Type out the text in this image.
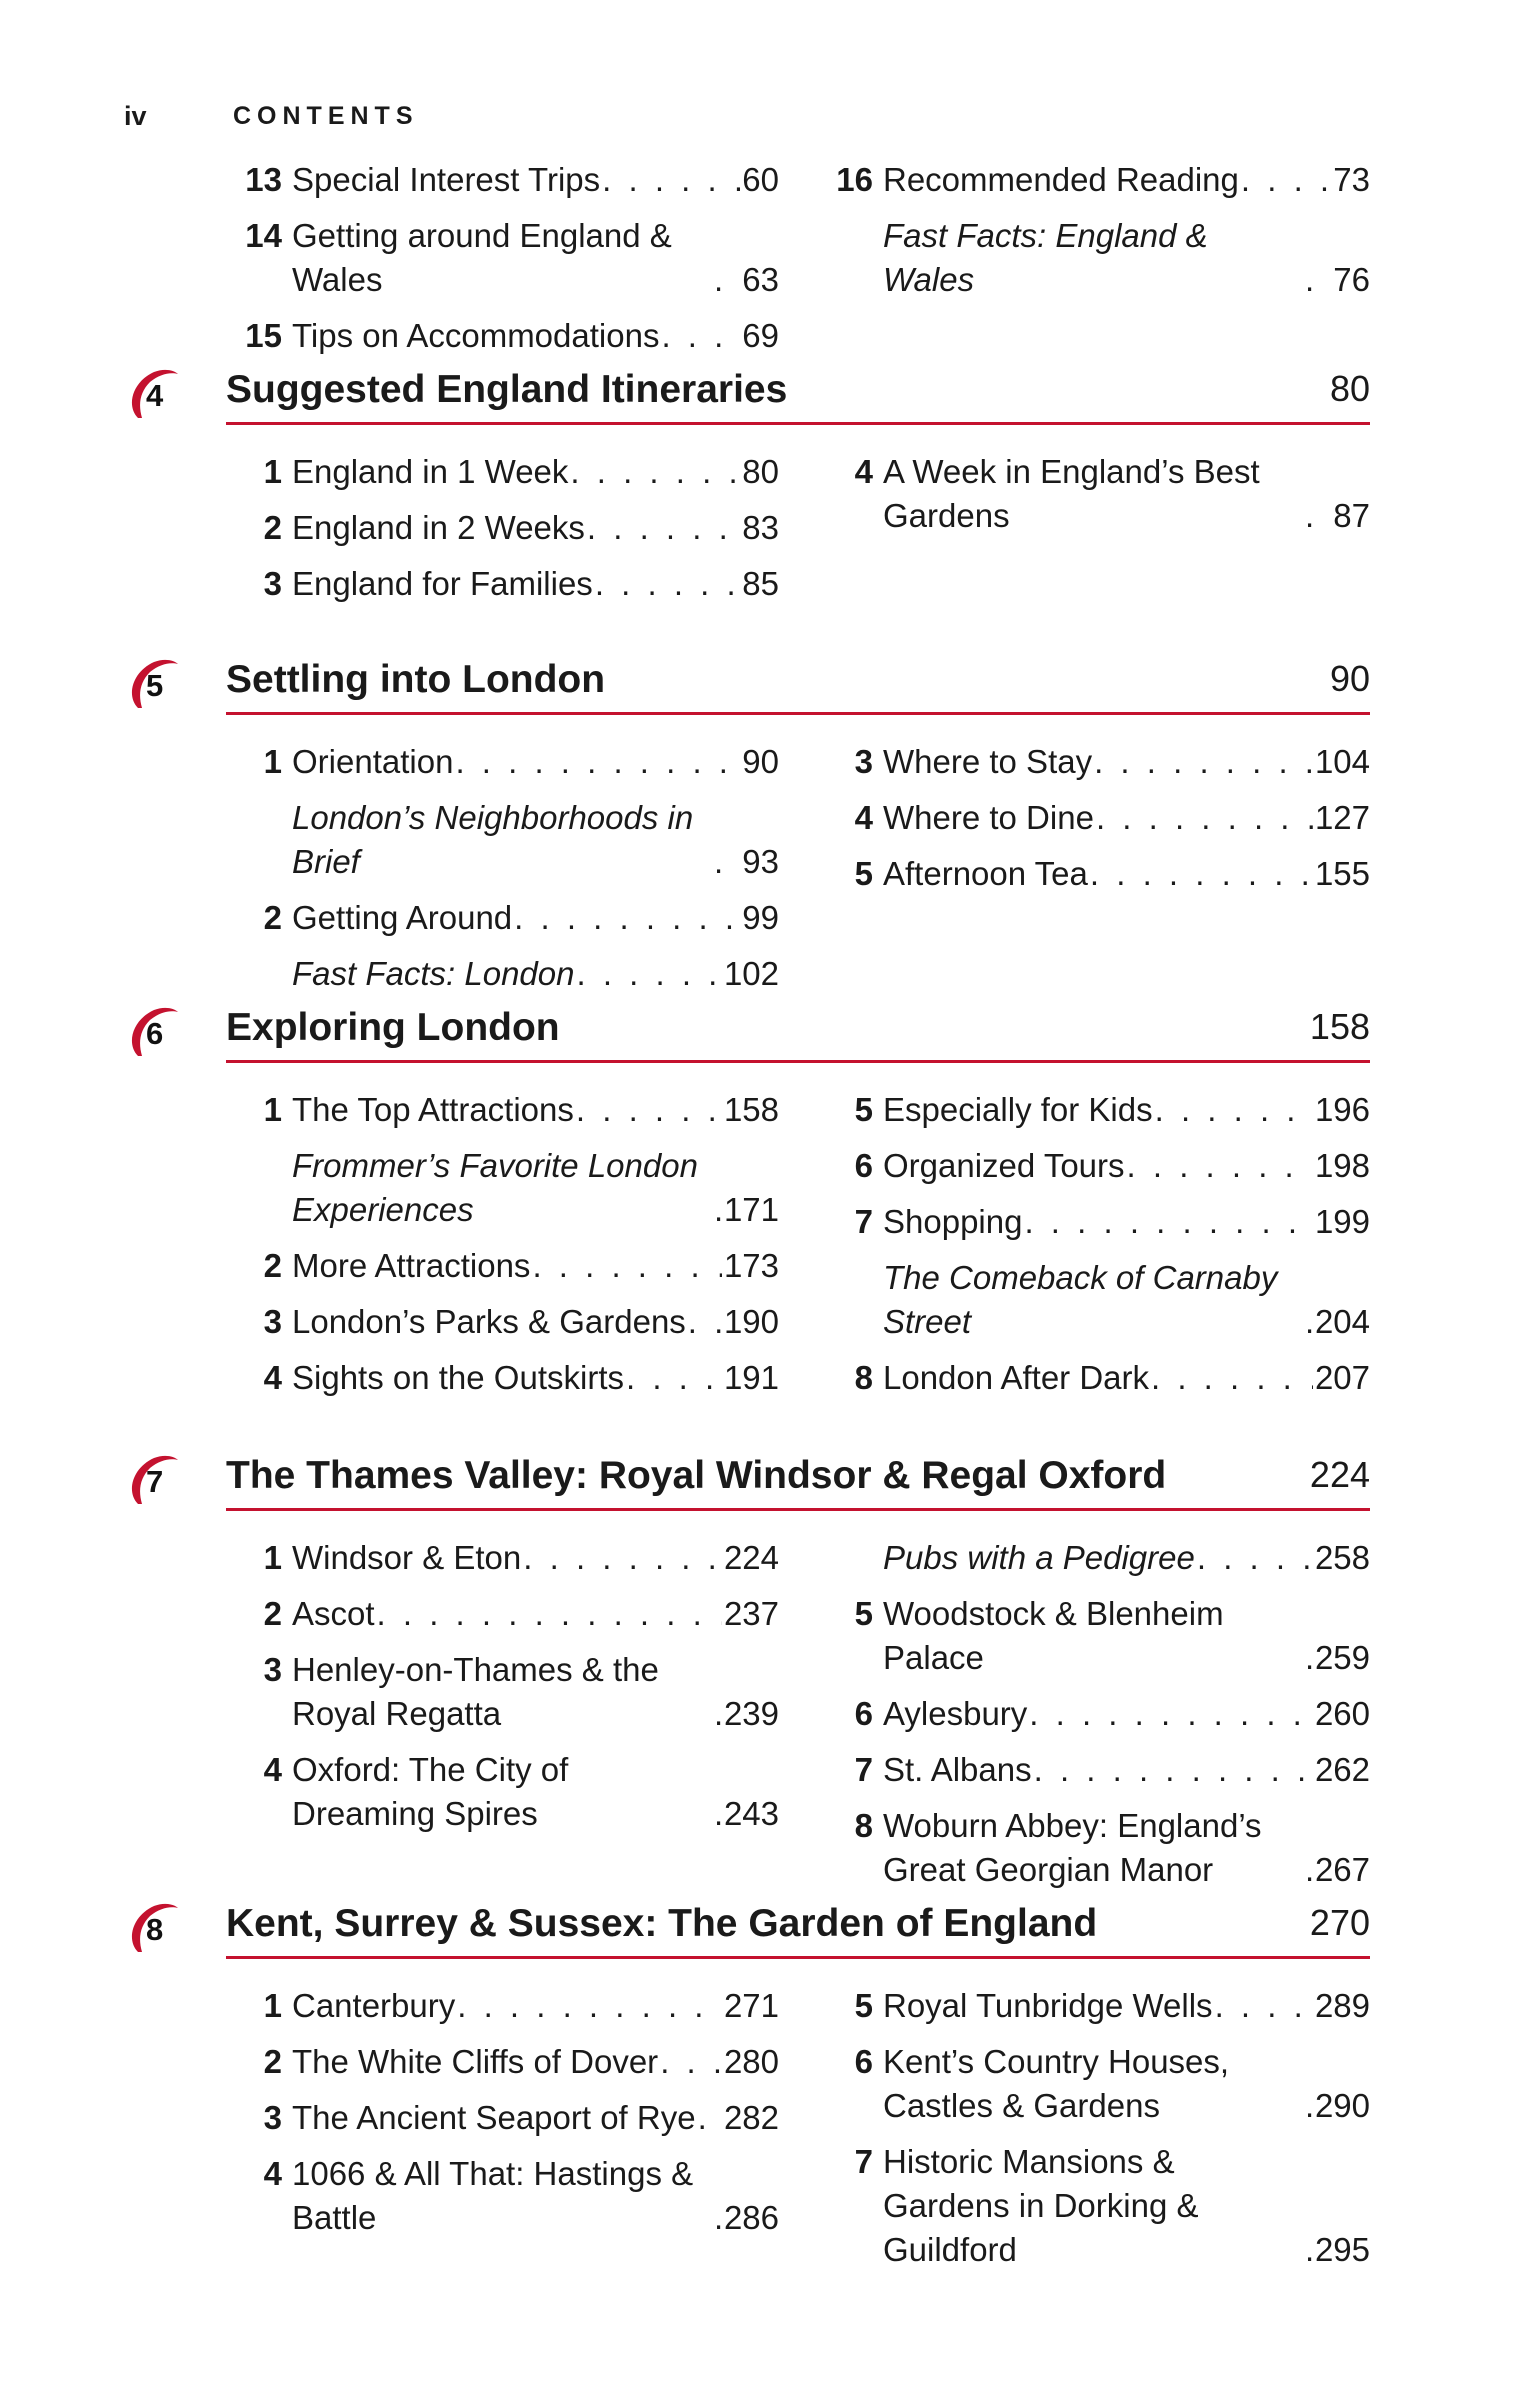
iv	CONTENTS
13 Special Interest Trips . . .	60
14 Getting around England & Wales . . .	63
15 Tips on Accommodations . . .	69
16 Recommended Reading . . .	73
Fast Facts: England & Wales . . .	76
4 Suggested England Itineraries	80
1 England in 1 Week . . .	80
2 England in 2 Weeks . . .	83
3 England for Families . . .	85
4 A Week in England’s Best Gardens . . .	87
5 Settling into London	90
1 Orientation . . .	90
London’s Neighborhoods in Brief . . .	93
2 Getting Around . . .	99
Fast Facts: London . . .	102
3 Where to Stay . . .	104
4 Where to Dine . . .	127
5 Afternoon Tea . . .	155
6 Exploring London	158
1 The Top Attractions . . .	158
Frommer’s Favorite London Experiences . . .	171
2 More Attractions . . .	173
3 London’s Parks & Gardens . . . 190
4 Sights on the Outskirts . . .	191
5 Especially for Kids . . .	196
6 Organized Tours . . .	198
7 Shopping . . .	199
The Comeback of Carnaby Street . . .	204
8 London After Dark . . .	207
7 The Thames Valley: Royal Windsor & Regal Oxford	224
1 Windsor & Eton . . .	224
2 Ascot . . .	237
3 Henley-on-Thames & the Royal Regatta . . .	239
4 Oxford: The City of Dreaming Spires . . .	243
Pubs with a Pedigree . . .	258
5 Woodstock & Blenheim Palace . . .	259
6 Aylesbury . . .	260
7 St. Albans . . .	262
8 Woburn Abbey: England’s Great Georgian Manor . . .	267
8 Kent, Surrey & Sussex: The Garden of England	270
1 Canterbury . . .	271
2 The White Cliffs of Dover . . . 280
3 The Ancient Seaport of Rye . . . 282
4 1066 & All That: Hastings & Battle . . .	286
5 Royal Tunbridge Wells . . .	289
6 Kent’s Country Houses, Castles & Gardens . . .	290
7 Historic Mansions & Gardens in Dorking & Guildford . . .	295
